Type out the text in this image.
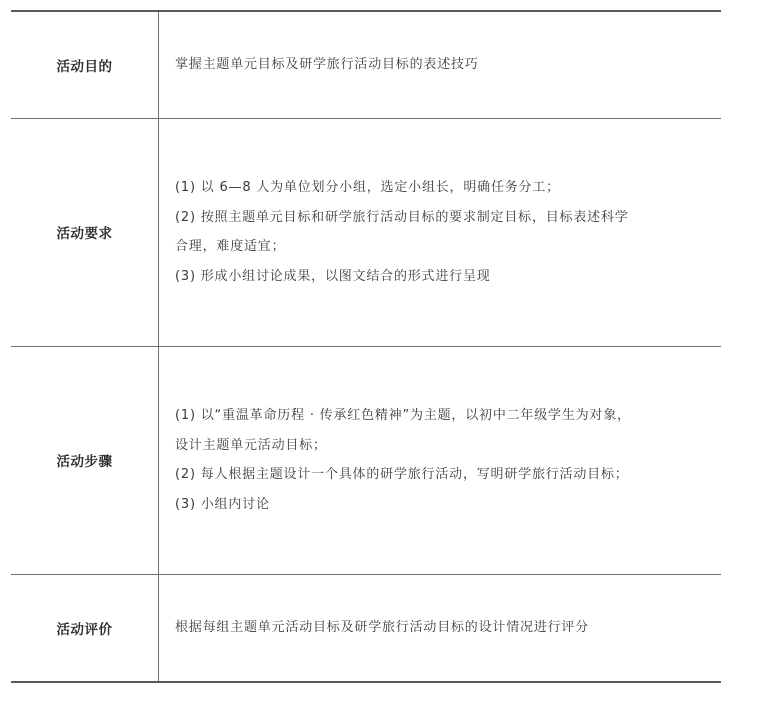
活动目的	掌握主题单元目标及研学旅行活动目标的表述技巧

活动要求	(1) 以 6—8 人为单位划分小组，选定小组长，明确任务分工；
(2) 按照主题单元目标和研学旅行活动目标的要求制定目标，目标表述科学
合理，难度适宜；
(3) 形成小组讨论成果，以图文结合的形式进行呈现

活动步骤	(1) 以“重温革命历程 · 传承红色精神”为主题，以初中二年级学生为对象，
设计主题单元活动目标；
(2) 每人根据主题设计一个具体的研学旅行活动，写明研学旅行活动目标；
(3) 小组内讨论

活动评价	根据每组主题单元活动目标及研学旅行活动目标的设计情况进行评分
